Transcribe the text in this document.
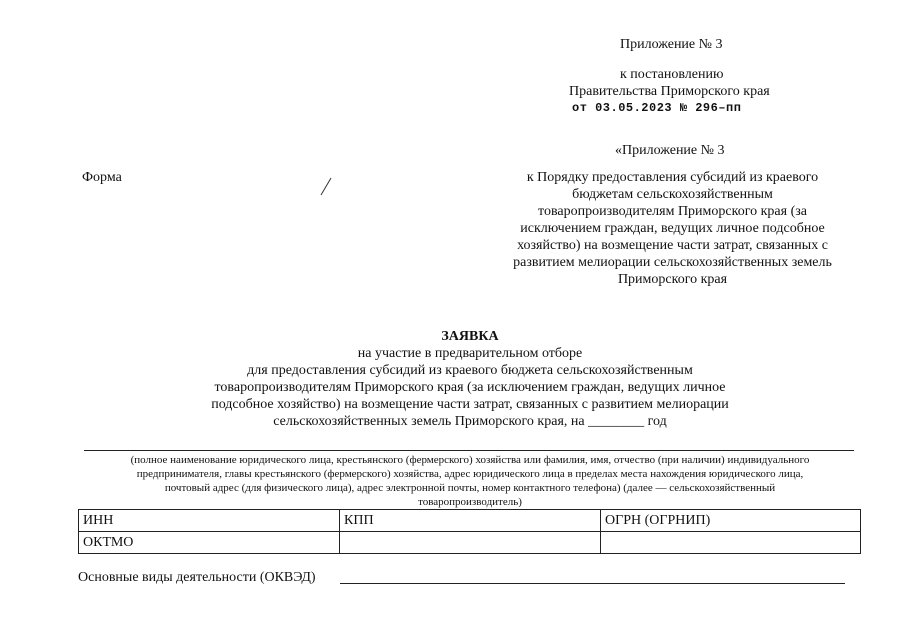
Приложение № 3
к постановлению
Правительства Приморского края
от 03.05.2023 № 296–пп
«Приложение № 3
к Порядку предоставления субсидий из краевого
бюджетам сельскохозяйственным
товаропроизводителям Приморского края (за
исключением граждан, ведущих личное подсобное
хозяйство) на возмещение части затрат, связанных с
развитием мелиорации сельскохозяйственных земель
Приморского края
Форма
ЗАЯВКА
на участие в предварительном отборе
для предоставления субсидий из краевого бюджета сельскохозяйственным
товаропроизводителям Приморского края (за исключением граждан, ведущих личное
подсобное хозяйство) на возмещение части затрат, связанных с развитием мелиорации
сельскохозяйственных земель Приморского края, на ________ год
(полное наименование юридического лица, крестьянского (фермерского) хозяйства или фамилия, имя, отчество (при наличии) индивидуального
предпринимателя, главы крестьянского (фермерского) хозяйства, адрес юридического лица в пределах места нахождения юридического лица,
почтовый адрес (для физического лица), адрес электронной почты, номер контактного телефона) (далее — сельскохозяйственный
товаропроизводитель)
ИНН	КПП	ОГРН (ОГРНИП)
ОКТМО		
Основные виды деятельности (ОКВЭД)
